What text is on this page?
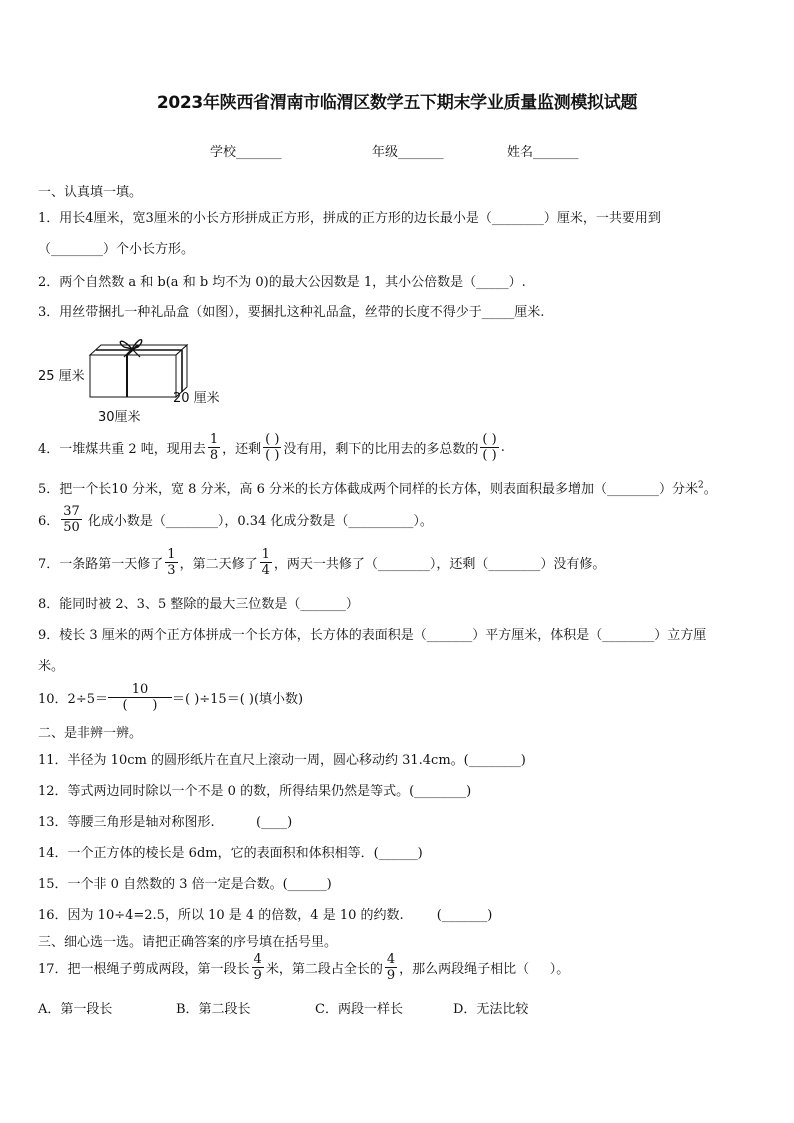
2023年陕西省渭南市临渭区数学五下期末学业质量监测模拟试题
学校_______	年级_______	姓名_______
一、认真填一填。
1．用长4厘米，宽3厘米的小长方形拼成正方形，拼成的正方形的边长最小是（________）厘米，一共要用到
（________）个小长方形。
2．两个自然数 a 和 b(a 和 b 均不为 0)的最大公因数是 1，其小公倍数是（_____）.
3．用丝带捆扎一种礼品盒（如图），要捆扎这种礼品盒，丝带的长度不得少于_____厘米.
25 厘米
20 厘米
30厘米
4．一堆煤共重 2 吨，现用去 $\frac{1}{8}$ ，还剩 $\frac{( )}{( )}$ 没有用，剩下的比用去的多总数的 $\frac{( )}{( )}$ .
5．把一个长10 分米，宽 8 分米，高 6 分米的长方体截成两个同样的长方体，则表面积最多增加（________）分米$^2$。
6． $\frac{37}{50}$ 化成小数是（________），0.34 化成分数是（__________）。
7．一条路第一天修了 $\frac{1}{3}$ ，第二天修了 $\frac{1}{4}$ ，两天一共修了（________），还剩（________）没有修。
8．能同时被 2、3、5 整除的最大三位数是（_______）
9．棱长 3 厘米的两个正方体拼成一个长方体，长方体的表面积是（_______）平方厘米，体积是（________）立方厘
米。
10．$2\div 5= \frac{10}{( )}$ ＝( )÷15＝( )(填小数)
二、是非辨一辨。
11．半径为 10cm 的圆形纸片在直尺上滚动一周，圆心移动约 31.4cm。(________)
12．等式两边同时除以一个不是 0 的数，所得结果仍然是等式。(________)
13．等腰三角形是轴对称图形.          (____)
14．一个正方体的棱长是 6dm，它的表面积和体积相等．(______)
15．一个非 0 自然数的 3 倍一定是合数。(______)
16．因为 10÷4=2.5，所以 10 是 4 的倍数，4 是 10 的约数.        (_______)
三、细心选一选。请把正确答案的序号填在括号里。
17．把一根绳子剪成两段，第一段长 $\frac{4}{9}$ 米，第二段占全长的 $\frac{4}{9}$ ，那么两段绳子相比（     ）。
A．第一段长	B．第二段长	C．两段一样长	D．无法比较
